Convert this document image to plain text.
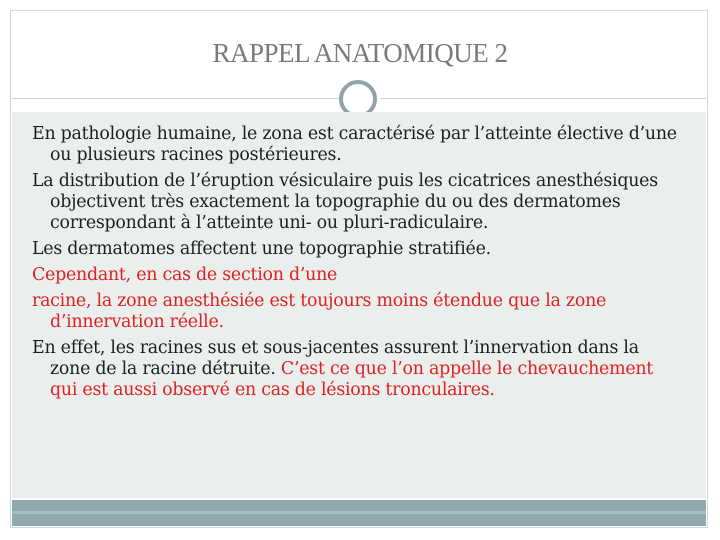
RAPPEL ANATOMIQUE 2

En pathologie humaine, le zona est caractérisé par l’atteinte élective d’une ou plusieurs racines postérieures.

La distribution de l’éruption vésiculaire puis les cicatrices anesthésiques objectivent très exactement la topographie du ou des dermatomes correspondant à l’atteinte uni- ou pluri-radiculaire.

Les dermatomes affectent une topographie stratifiée.

Cependant, en cas de section d’une

racine, la zone anesthésiée est toujours moins étendue que la zone d’innervation réelle.

En effet, les racines sus et sous-jacentes assurent l’innervation dans la zone de la racine détruite. C’est ce que l’on appelle le chevauchement qui est aussi observé en cas de lésions tronculaires.
